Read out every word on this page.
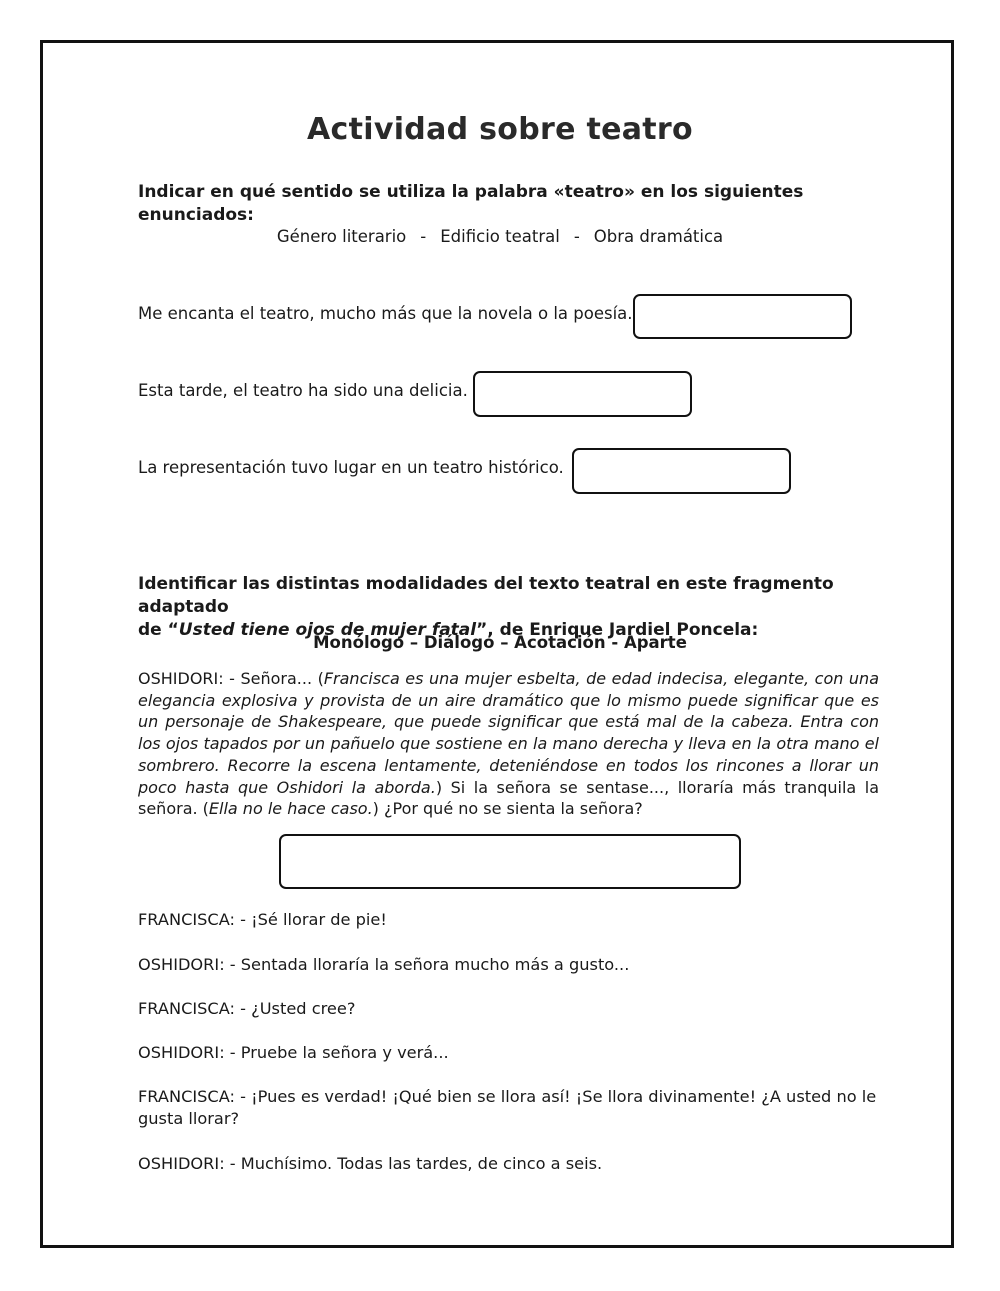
Actividad sobre teatro

Indicar en qué sentido se utiliza la palabra «teatro» en los siguientes enunciados:

Género literario - Edificio teatral - Obra dramática

Me encanta el teatro, mucho más que la novela o la poesía.

Esta tarde, el teatro ha sido una delicia.

La representación tuvo lugar en un teatro histórico.

Identificar las distintas modalidades del texto teatral en este fragmento adaptado
de “Usted tiene ojos de mujer fatal”, de Enrique Jardiel Poncela:

Monólogo – Diálogo – Acotación - Aparte

OSHIDORI: - Señora... (Francisca es una mujer esbelta, de edad indecisa, elegante, con una elegancia explosiva y provista de un aire dramático que lo mismo puede significar que es un personaje de Shakespeare, que puede significar que está mal de la cabeza. Entra con los ojos tapados por un pañuelo que sostiene en la mano derecha y lleva en la otra mano el sombrero. Recorre la escena lentamente, deteniéndose en todos los rincones a llorar un poco hasta que Oshidori la aborda.) Si la señora se sentase..., lloraría más tranquila la señora. (Ella no le hace caso.) ¿Por qué no se sienta la señora?

FRANCISCA: - ¡Sé llorar de pie!

OSHIDORI: - Sentada lloraría la señora mucho más a gusto...

FRANCISCA: - ¿Usted cree?

OSHIDORI: - Pruebe la señora y verá...

FRANCISCA: - ¡Pues es verdad! ¡Qué bien se llora así! ¡Se llora divinamente! ¿A usted no le gusta llorar?

OSHIDORI: - Muchísimo. Todas las tardes, de cinco a seis.
